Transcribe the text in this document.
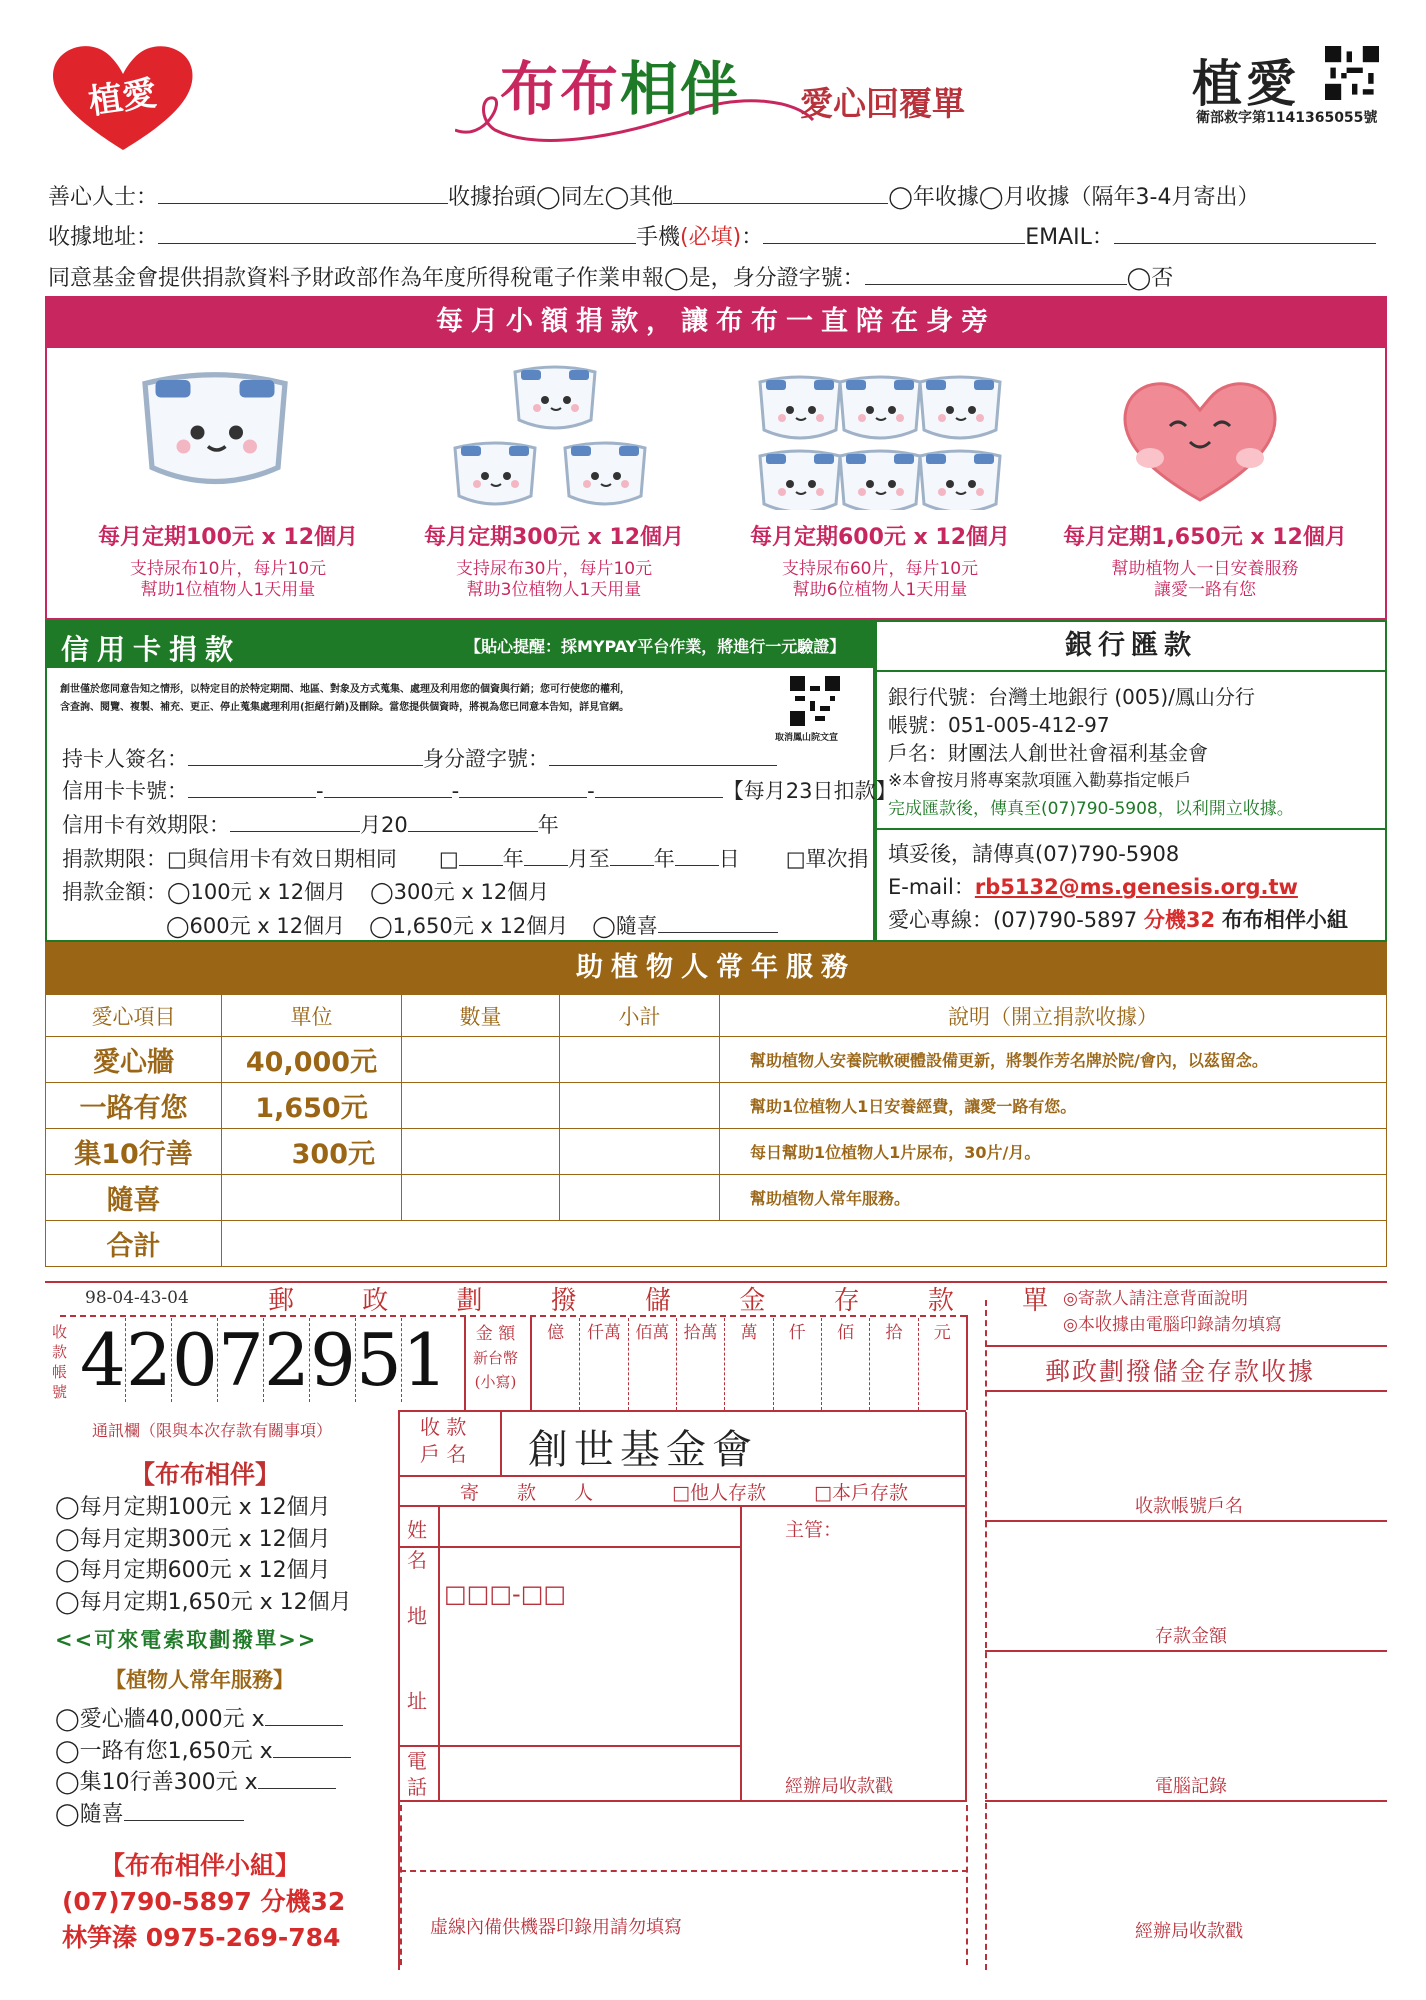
植愛	布布相伴 愛心回覆單	植愛
衛部救字第1141365055號
善心人士：	收據抬頭◯同左◯其他	◯年收據◯月收據（隔年3-4月寄出）
收據地址：	手機(必填)：	EMAIL：
同意基金會提供捐款資料予財政部作為年度所得稅電子作業申報◯是，身分證字號：	◯否
每月小額捐款，讓布布一直陪在身旁
每月定期100元 x 12個月
支持尿布10片，每片10元
幫助1位植物人1天用量
每月定期300元 x 12個月
支持尿布30片，每片10元
幫助3位植物人1天用量
每月定期600元 x 12個月
支持尿布60片，每片10元
幫助6位植物人1天用量
每月定期1,650元 x 12個月
幫助植物人一日安養服務
讓愛一路有您
信用卡捐款	【貼心提醒：採MYPAY平台作業，將進行一元驗證】
創世僅於您同意告知之情形，以特定目的於特定期間、地區、對象及方式蒐集、處理及利用您的個資與行銷；您可行使您的權利，
含查詢、閱覽、複製、補充、更正、停止蒐集處理利用(拒絕行銷)及刪除。當您提供個資時，將視為您已同意本告知，詳見官網。
取消鳳山院文宣
持卡人簽名：	身分證字號：
信用卡卡號：	-	-	-	【每月23日扣款】
信用卡有效期限：	月20	年
捐款期限：□與信用卡有效日期相同 □ 年 月至 年 日 □單次捐
捐款金額：◯100元 x 12個月 ◯300元 x 12個月
◯600元 x 12個月 ◯1,650元 x 12個月 ◯隨喜
銀行匯款
銀行代號：台灣土地銀行 (005)/鳳山分行
帳號：051-005-412-97
戶名：財團法人創世社會福利基金會
※本會按月將專案款項匯入勸募指定帳戶
完成匯款後，傳真至(07)790-5908，以利開立收據。
填妥後，請傳真(07)790-5908
E-mail：rb5132@ms.genesis.org.tw
愛心專線：(07)790-5897 分機32 布布相伴小組
助植物人常年服務
愛心項目	單位	數量	小計	說明（開立捐款收據）
愛心牆	40,000元			幫助植物人安養院軟硬體設備更新，將製作芳名牌於院/會內，以茲留念。
一路有您	1,650元			幫助1位植物人1日安養經費，讓愛一路有您。
集10行善	300元			每日幫助1位植物人1片尿布，30片/月。
隨喜				幫助植物人常年服務。
合計				
98-04-43-04	郵 政 劃 撥 儲 金 存 款 單
◎寄款人請注意背面說明
◎本收據由電腦印錄請勿填寫
郵政劃撥儲金存款收據
收
款
帳
號 4 2 0 7 2 9 5 1 金 額
新台幣
(小寫)
億	仟萬 佰萬 拾萬	萬	仟	佰	拾	元
通訊欄（限與本次存款有關事項）	收 款
戶 名 創世基金會
寄　　款　　人	□他人存款	□本戶存款
姓
名
地
址
□□□-□□
電
話
主管：
經辦局收款戳
收款帳號戶名
存款金額
電腦記錄
經辦局收款戳
虛線內備供機器印錄用請勿填寫
【布布相伴】
◯每月定期100元 x 12個月
◯每月定期300元 x 12個月
◯每月定期600元 x 12個月
◯每月定期1,650元 x 12個月
<<可來電索取劃撥單>>
【植物人常年服務】
◯愛心牆40,000元 x
◯一路有您1,650元 x
◯集10行善300元 x
◯隨喜
【布布相伴小組】
(07)790-5897 分機32
林笋溱 0975-269-784
